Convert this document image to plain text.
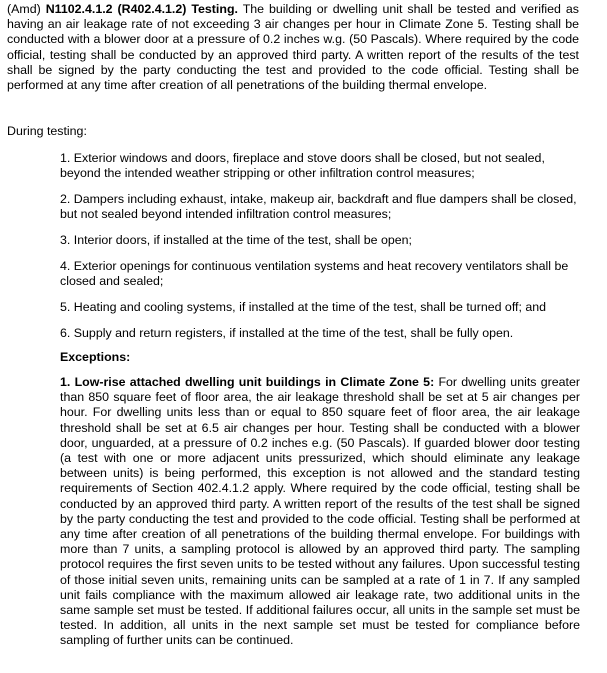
(Amd) N1102.4.1.2 (R402.4.1.2) Testing. The building or dwelling unit shall be tested and verified as having an air leakage rate of not exceeding 3 air changes per hour in Climate Zone 5. Testing shall be conducted with a blower door at a pressure of 0.2 inches w.g. (50 Pascals). Where required by the code official, testing shall be conducted by an approved third party. A written report of the results of the test shall be signed by the party conducting the test and provided to the code official. Testing shall be performed at any time after creation of all penetrations of the building thermal envelope.

During testing:

1. Exterior windows and doors, fireplace and stove doors shall be closed, but not sealed, beyond the intended weather stripping or other infiltration control measures;

2. Dampers including exhaust, intake, makeup air, backdraft and flue dampers shall be closed, but not sealed beyond intended infiltration control measures;

3. Interior doors, if installed at the time of the test, shall be open;

4. Exterior openings for continuous ventilation systems and heat recovery ventilators shall be closed and sealed;

5. Heating and cooling systems, if installed at the time of the test, shall be turned off; and

6. Supply and return registers, if installed at the time of the test, shall be fully open.

Exceptions:

1. Low-rise attached dwelling unit buildings in Climate Zone 5: For dwelling units greater than 850 square feet of floor area, the air leakage threshold shall be set at 5 air changes per hour. For dwelling units less than or equal to 850 square feet of floor area, the air leakage threshold shall be set at 6.5 air changes per hour. Testing shall be conducted with a blower door, unguarded, at a pressure of 0.2 inches e.g. (50 Pascals). If guarded blower door testing (a test with one or more adjacent units pressurized, which should eliminate any leakage between units) is being performed, this exception is not allowed and the standard testing requirements of Section 402.4.1.2 apply. Where required by the code official, testing shall be conducted by an approved third party. A written report of the results of the test shall be signed by the party conducting the test and provided to the code official. Testing shall be performed at any time after creation of all penetrations of the building thermal envelope. For buildings with more than 7 units, a sampling protocol is allowed by an approved third party. The sampling protocol requires the first seven units to be tested without any failures. Upon successful testing of those initial seven units, remaining units can be sampled at a rate of 1 in 7. If any sampled unit fails compliance with the maximum allowed air leakage rate, two additional units in the same sample set must be tested. If additional failures occur, all units in the sample set must be tested. In addition, all units in the next sample set must be tested for compliance before sampling of further units can be continued.
